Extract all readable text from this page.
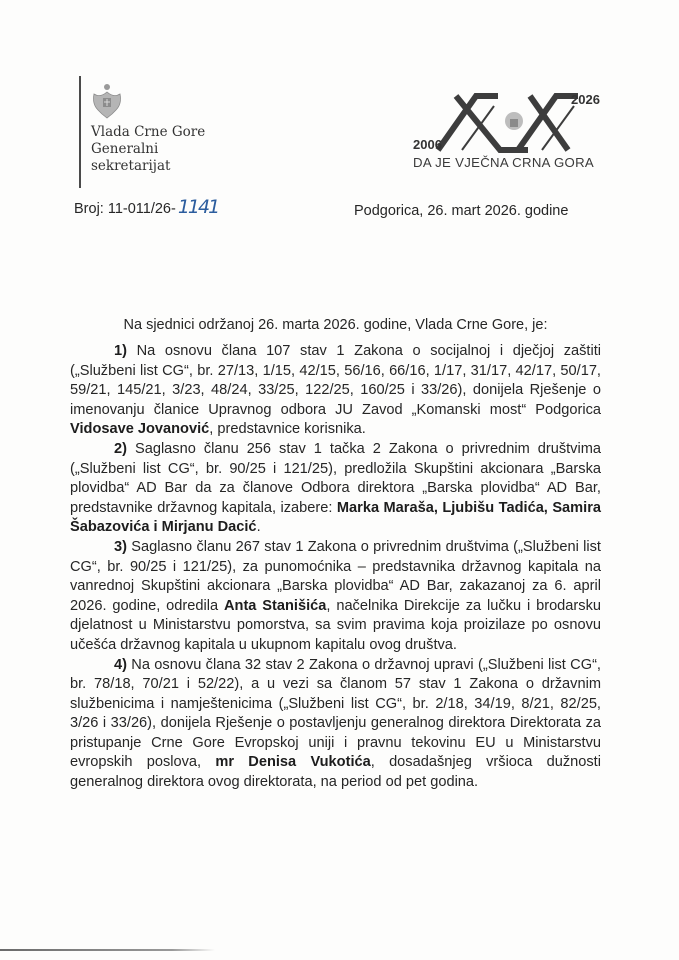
Vlada Crne Gore
Generalni
sekretarijat
2026
2006
DA JE VJEČNA CRNA GORA
Broj: 11-011/26- 1141	Podgorica, 26. mart 2026. godine
Na sjednici održanoj 26. marta 2026. godine, Vlada Crne Gore, je:

1) Na osnovu člana 107 stav 1 Zakona o socijalnoj i dječjoj zaštiti („Službeni list CG“, br. 27/13, 1/15, 42/15, 56/16, 66/16, 1/17, 31/17, 42/17, 50/17, 59/21, 145/21, 3/23, 48/24, 33/25, 122/25, 160/25 i 33/26), donijela Rješenje o imenovanju članice Upravnog odbora JU Zavod „Komanski most“ Podgorica Vidosave Jovanović, predstavnice korisnika.

2) Saglasno članu 256 stav 1 tačka 2 Zakona o privrednim društvima („Službeni list CG“, br. 90/25 i 121/25), predložila Skupštini akcionara „Barska plovidba“ AD Bar da za članove Odbora direktora „Barska plovidba“ AD Bar, predstavnike državnog kapitala, izabere: Marka Maraša, Ljubišu Tadića, Samira Šabazovića i Mirjanu Dacić.

3) Saglasno članu 267 stav 1 Zakona o privrednim društvima („Službeni list CG“, br. 90/25 i 121/25), za punomoćnika – predstavnika državnog kapitala na vanrednoj Skupštini akcionara „Barska plovidba“ AD Bar, zakazanoj za 6. april 2026. godine, odredila Anta Stanišića, načelnika Direkcije za lučku i brodarsku djelatnost u Ministarstvu pomorstva, sa svim pravima koja proizilaze po osnovu učešća državnog kapitala u ukupnom kapitalu ovog društva.

4) Na osnovu člana 32 stav 2 Zakona o državnoj upravi („Službeni list CG“, br. 78/18, 70/21 i 52/22), a u vezi sa članom 57 stav 1 Zakona o državnim službenicima i namještenicima („Službeni list CG“, br. 2/18, 34/19, 8/21, 82/25, 3/26 i 33/26), donijela Rješenje o postavljenju generalnog direktora Direktorata za pristupanje Crne Gore Evropskoj uniji i pravnu tekovinu EU u Ministarstvu evropskih poslova, mr Denisa Vukotića, dosadašnjeg vršioca dužnosti generalnog direktora ovog direktorata, na period od pet godina.
